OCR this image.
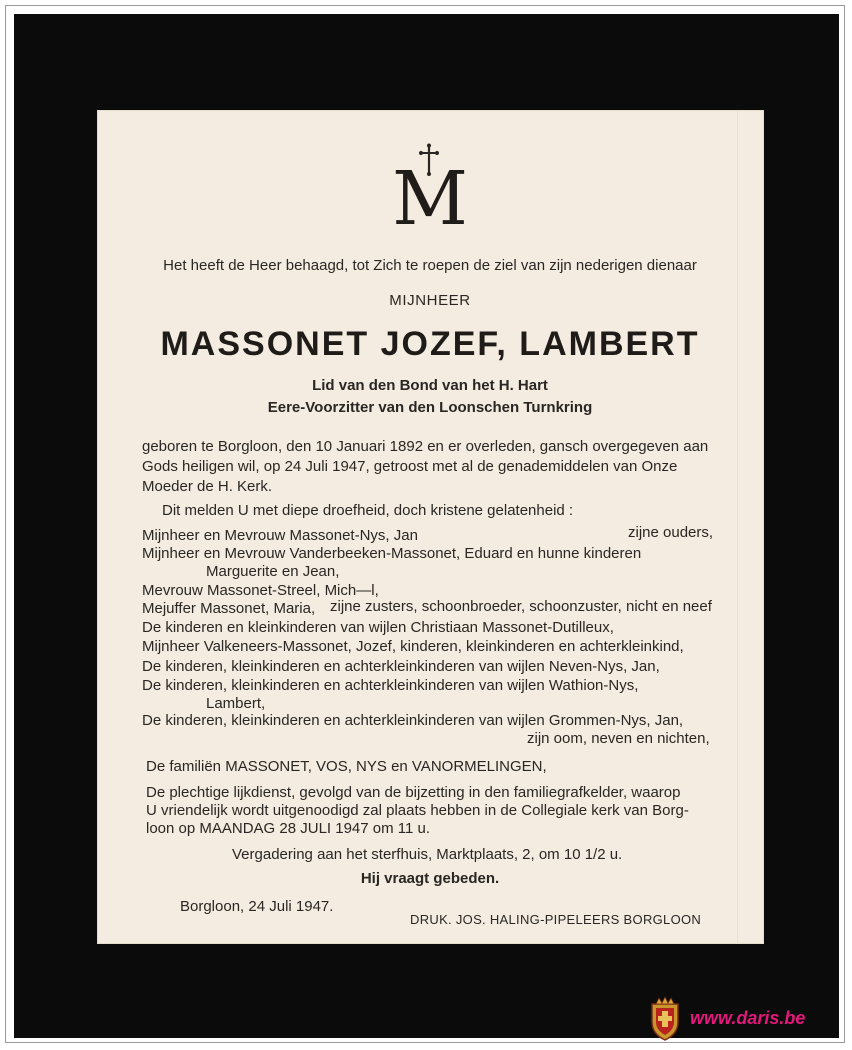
M
Het heeft de Heer behaagd, tot Zich te roepen de ziel van zijn nederigen dienaar
MIJNHEER
MASSONET JOZEF, LAMBERT
Lid van den Bond van het H. Hart
Eere-Voorzitter van den Loonschen Turnkring
geboren te Borgloon, den 10 Januari 1892 en er overleden, gansch overgegeven aan
Gods heiligen wil, op 24 Juli 1947, getroost met al de genademiddelen van Onze
Moeder de H. Kerk.
Dit melden U met diepe droefheid, doch kristene gelatenheid :
Mijnheer en Mevrouw Massonet-Nys, Jan	zijne ouders,
Mijnheer en Mevrouw Vanderbeeken-Massonet, Eduard en hunne kinderen
Marguerite en Jean,
Mevrouw Massonet-Streel, Mich—l,
Mejuffer Massonet, Maria, zijne zusters, schoonbroeder, schoonzuster, nicht en neef
De kinderen en kleinkinderen van wijlen Christiaan Massonet-Dutilleux,
Mijnheer Valkeneers-Massonet, Jozef, kinderen, kleinkinderen en achterkleinkind,
De kinderen, kleinkinderen en achterkleinkinderen van wijlen Neven-Nys, Jan,
De kinderen, kleinkinderen en achterkleinkinderen van wijlen Wathion-Nys,
Lambert,
De kinderen, kleinkinderen en achterkleinkinderen van wijlen Grommen-Nys, Jan,
zijn oom, neven en nichten,
De familiën MASSONET, VOS, NYS en VANORMELINGEN,
De plechtige lijkdienst, gevolgd van de bijzetting in den familiegrafkelder, waarop
U vriendelijk wordt uitgenoodigd zal plaats hebben in de Collegiale kerk van Borg-
loon op MAANDAG 28 JULI 1947 om 11 u.
Vergadering aan het sterfhuis, Marktplaats, 2, om 10 1/2 u.
Hij vraagt gebeden.
Borgloon, 24 Juli 1947.
DRUK. JOS. HALING-PIPELEERS BORGLOON
www.daris.be
